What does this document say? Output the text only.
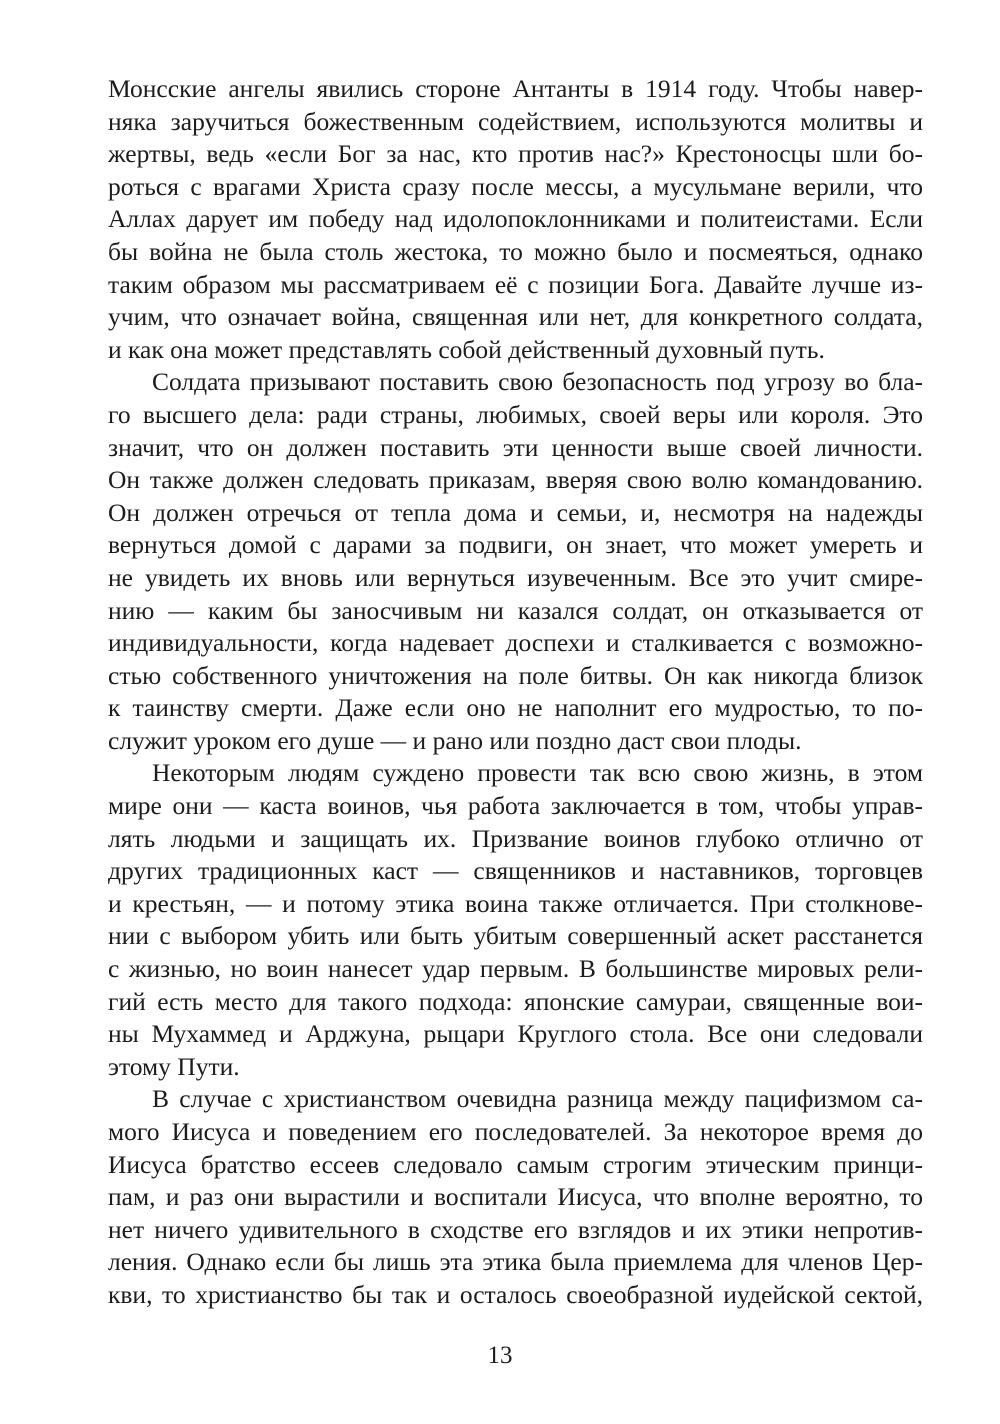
Монсские ангелы явились стороне Антанты в 1914 году. Чтобы навер-
няка заручиться божественным содействием, используются молитвы и
жертвы, ведь «если Бог за нас, кто против нас?» Крестоносцы шли бо-
роться с врагами Христа сразу после мессы, а мусульмане верили, что
Аллах дарует им победу над идолопоклонниками и политеистами. Если
бы война не была столь жестока, то можно было и посмеяться, однако
таким образом мы рассматриваем её с позиции Бога. Давайте лучше из-
учим, что означает война, священная или нет, для конкретного солдата,
и как она может представлять собой действенный духовный путь.
Солдата призывают поставить свою безопасность под угрозу во бла-
го высшего дела: ради страны, любимых, своей веры или короля. Это
значит, что он должен поставить эти ценности выше своей личности.
Он также должен следовать приказам, вверяя свою волю командованию.
Он должен отречься от тепла дома и семьи, и, несмотря на надежды
вернуться домой с дарами за подвиги, он знает, что может умереть и
не увидеть их вновь или вернуться изувеченным. Все это учит смире-
нию — каким бы заносчивым ни казался солдат, он отказывается от
индивидуальности, когда надевает доспехи и сталкивается с возможно-
стью собственного уничтожения на поле битвы. Он как никогда близок
к таинству смерти. Даже если оно не наполнит его мудростью, то по-
служит уроком его душе — и рано или поздно даст свои плоды.
Некоторым людям суждено провести так всю свою жизнь, в этом
мире они — каста воинов, чья работа заключается в том, чтобы управ-
лять людьми и защищать их. Призвание воинов глубоко отлично от
других традиционных каст — священников и наставников, торговцев
и крестьян, — и потому этика воина также отличается. При столкнове-
нии с выбором убить или быть убитым совершенный аскет расстанется
с жизнью, но воин нанесет удар первым. В большинстве мировых рели-
гий есть место для такого подхода: японские самураи, священные вои-
ны Мухаммед и Арджуна, рыцари Круглого стола. Все они следовали
этому Пути.
В случае с христианством очевидна разница между пацифизмом са-
мого Иисуса и поведением его последователей. За некоторое время до
Иисуса братство ессеев следовало самым строгим этическим принци-
пам, и раз они вырастили и воспитали Иисуса, что вполне вероятно, то
нет ничего удивительного в сходстве его взглядов и их этики непротив-
ления. Однако если бы лишь эта этика была приемлема для членов Цер-
кви, то христианство бы так и осталось своеобразной иудейской сектой,
13
